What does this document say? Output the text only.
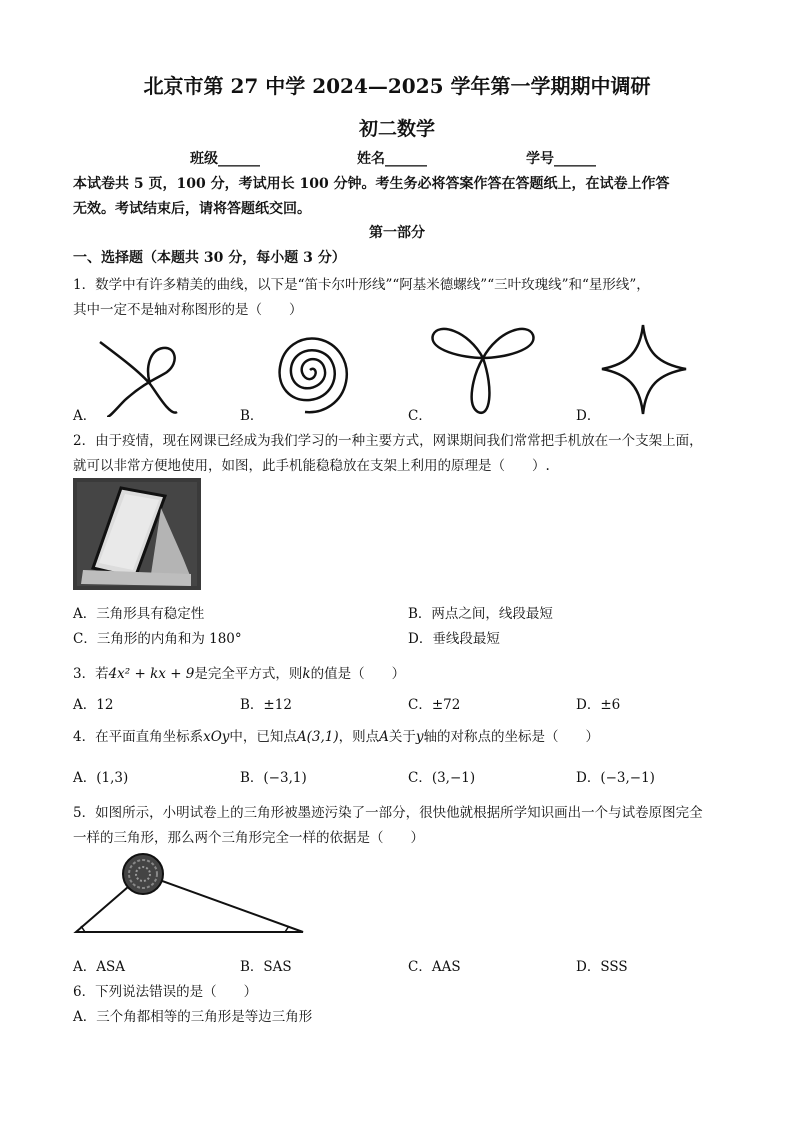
北京市第 27 中学 2024—2025 学年第一学期期中调研
初二数学
班级______	姓名______	学号______
本试卷共 5 页，100 分，考试用长 100 分钟。考生务必将答案作答在答题纸上，在试卷上作答
无效。考试结束后，请将答题纸交回。
第一部分
一、选择题（本题共 30 分，每小题 3 分）
1．数学中有许多精美的曲线，以下是“笛卡尔叶形线”“阿基米德螺线”“三叶玫瑰线”和“星形线”，
其中一定不是轴对称图形的是（　　）
A．	B．	C．	D．
2．由于疫情，现在网课已经成为我们学习的一种主要方式，网课期间我们常常把手机放在一个支架上面，
就可以非常方便地使用，如图，此手机能稳稳放在支架上利用的原理是（　　）.
A．三角形具有稳定性	B．两点之间，线段最短
C．三角形的内角和为 180°	D．垂线段最短
3．若4x² + kx + 9是完全平方式，则k的值是（　　）
A．12	B．±12	C．±72	D．±6
4．在平面直角坐标系xOy中，已知点A(3,1)，则点A关于y轴的对称点的坐标是（　　）
A．(1,3)	B．(−3,1)	C．(3,−1)	D．(−3,−1)
5．如图所示，小明试卷上的三角形被墨迹污染了一部分，很快他就根据所学知识画出一个与试卷原图完全
一样的三角形，那么两个三角形完全一样的依据是（　　）
A．ASA	B．SAS	C．AAS	D．SSS
6．下列说法错误的是（　　）
A．三个角都相等的三角形是等边三角形
